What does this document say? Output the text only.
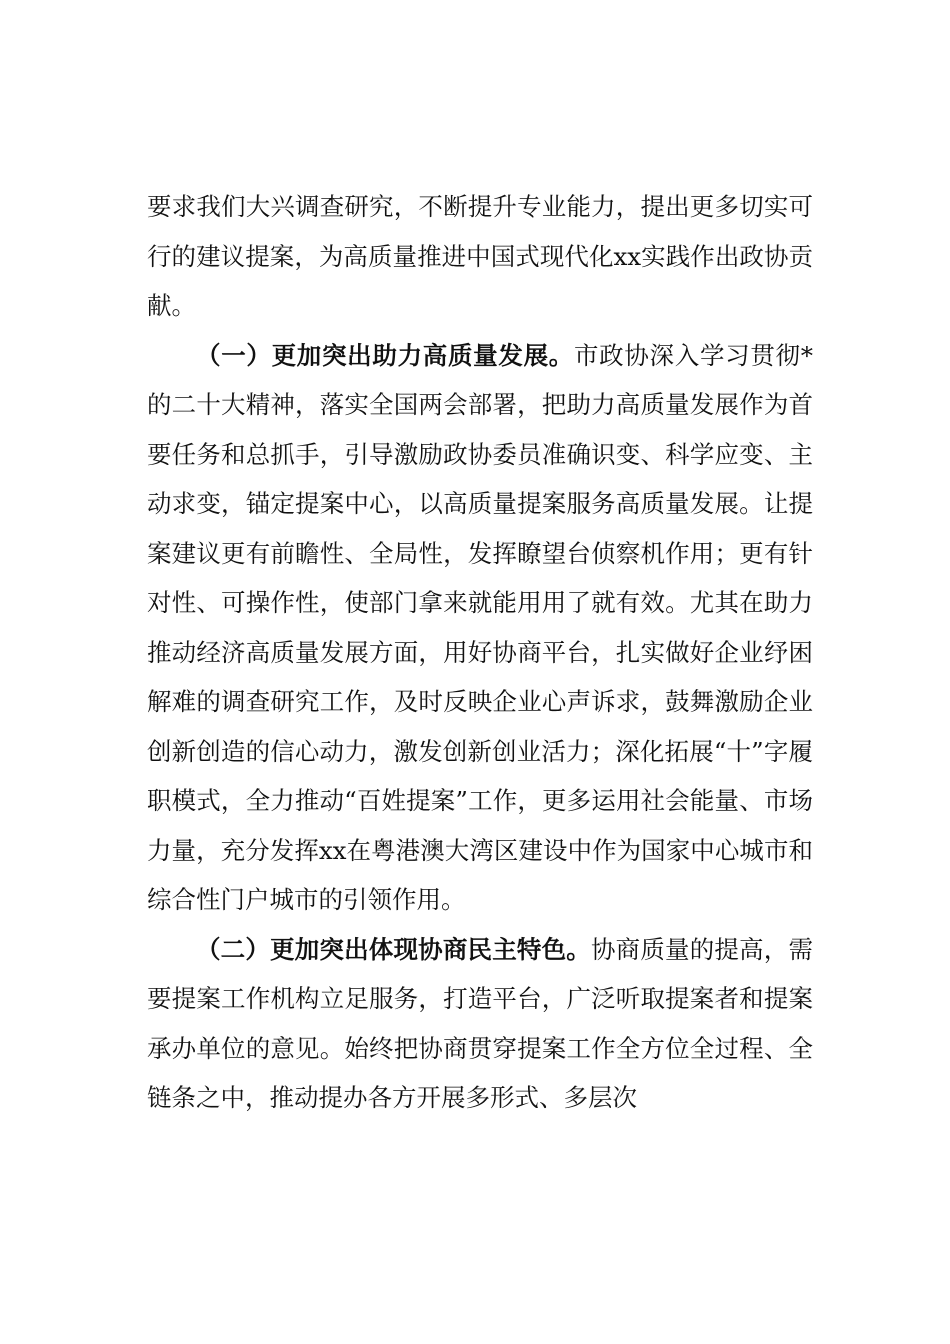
要求我们大兴调查研究，不断提升专业能力，提出更多切实可行的建议提案，为高质量推进中国式现代化xx实践作出政协贡献。

（一）更加突出助力高质量发展。市政协深入学习贯彻*的二十大精神，落实全国两会部署，把助力高质量发展作为首要任务和总抓手，引导激励政协委员准确识变、科学应变、主动求变，锚定提案中心，以高质量提案服务高质量发展。让提案建议更有前瞻性、全局性，发挥瞭望台侦察机作用；更有针对性、可操作性，使部门拿来就能用用了就有效。尤其在助力推动经济高质量发展方面，用好协商平台，扎实做好企业纾困解难的调查研究工作，及时反映企业心声诉求，鼓舞激励企业创新创造的信心动力，激发创新创业活力；深化拓展“十”字履职模式，全力推动“百姓提案”工作，更多运用社会能量、市场力量，充分发挥xx在粤港澳大湾区建设中作为国家中心城市和综合性门户城市的引领作用。

（二）更加突出体现协商民主特色。协商质量的提高，需要提案工作机构立足服务，打造平台，广泛听取提案者和提案承办单位的意见。始终把协商贯穿提案工作全方位全过程、全链条之中，推动提办各方开展多形式、多层次
